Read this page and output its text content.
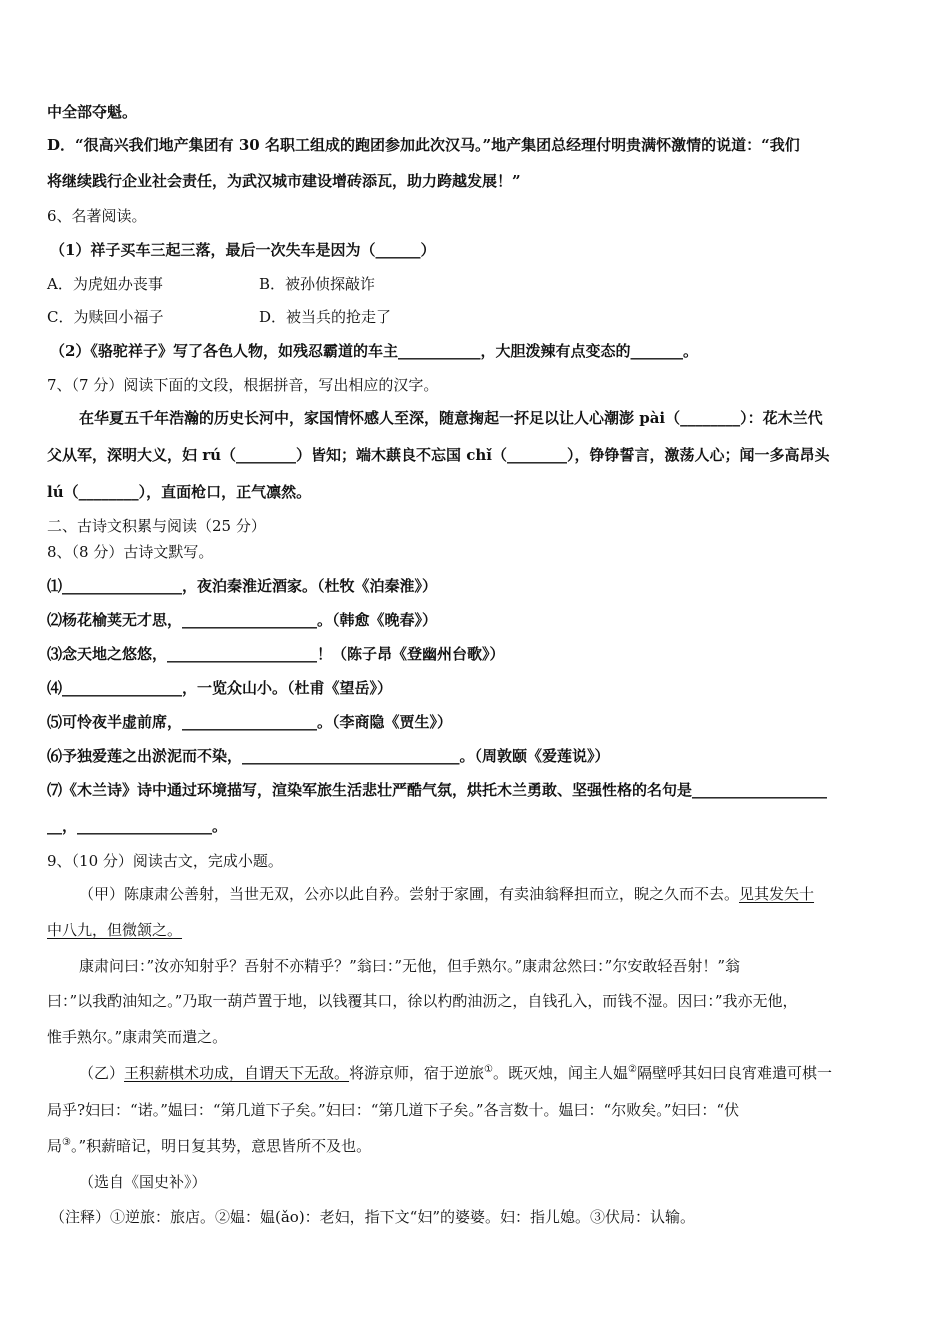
中全部夺魁。
D．“很高兴我们地产集团有 30 名职工组成的跑团参加此次汉马。”地产集团总经理付明贵满怀激情的说道：“我们
将继续践行企业社会责任，为武汉城市建设增砖添瓦，助力跨越发展！”
6、名著阅读。
（1）祥子买车三起三落，最后一次失车是因为（______）
A．为虎妞办丧事	B．被孙侦探敲诈
C．为赎回小福子	D．被当兵的抢走了
（2）《骆驼祥子》写了各色人物，如残忍霸道的车主___________，大胆泼辣有点变态的_______。
7、（7 分）阅读下面的文段，根据拼音，写出相应的汉字。
在华夏五千年浩瀚的历史长河中，家国情怀感人至深，随意掬起一抔足以让人心潮澎 pài（________）：花木兰代
父从军，深明大义，妇 rú（________）皆知；端木蕻良不忘国 chǐ（________），铮铮誓言，激荡人心；闻一多高昂头
lú（________），直面枪口，正气凛然。
二、古诗文积累与阅读（25 分）
8、（8 分）古诗文默写。
⑴________________，夜泊秦淮近酒家。（杜牧《泊秦淮》）
⑵杨花榆荚无才思，__________________。（韩愈《晚春》）
⑶念天地之悠悠，____________________！（陈子昂《登幽州台歌》）
⑷________________，一览众山小。（杜甫《望岳》）
⑸可怜夜半虚前席，__________________。（李商隐《贾生》）
⑹予独爱莲之出淤泥而不染，_____________________________。（周敦颐《爱莲说》）
⑺《木兰诗》诗中通过环境描写，渲染军旅生活悲壮严酷气氛，烘托木兰勇敢、坚强性格的名句是__________________
__，__________________。
9、（10 分）阅读古文，完成小题。
（甲）陈康肃公善射，当世无双，公亦以此自矜。尝射于家圃，有卖油翁释担而立，睨之久而不去。见其发矢十
中八九，但微颔之。
康肃问曰：”汝亦知射乎？吾射不亦精乎？”翁曰：”无他，但手熟尔。”康肃忿然曰：”尔安敢轻吾射！”翁
曰：”以我酌油知之。”乃取一葫芦置于地，以钱覆其口，徐以杓酌油沥之，自钱孔入，而钱不湿。因曰：”我亦无他，
惟手熟尔。”康肃笑而遣之。
（乙）王积薪棋术功成，自谓天下无敌。将游京师，宿于逆旅①。既灭烛，闻主人媪②隔壁呼其妇曰良宵难遣可棋一
局乎?妇曰：“诺。”媪曰：“第几道下子矣。”妇曰：“第几道下子矣。”各言数十。媪曰：“尔败矣。”妇曰：“伏
局③。”积薪暗记，明日复其势，意思皆所不及也。
（选自《国史补》）
（注释）①逆旅：旅店。②媪：媪(ǎo)：老妇，指下文“妇”的婆婆。妇：指儿媳。③伏局：认输。
